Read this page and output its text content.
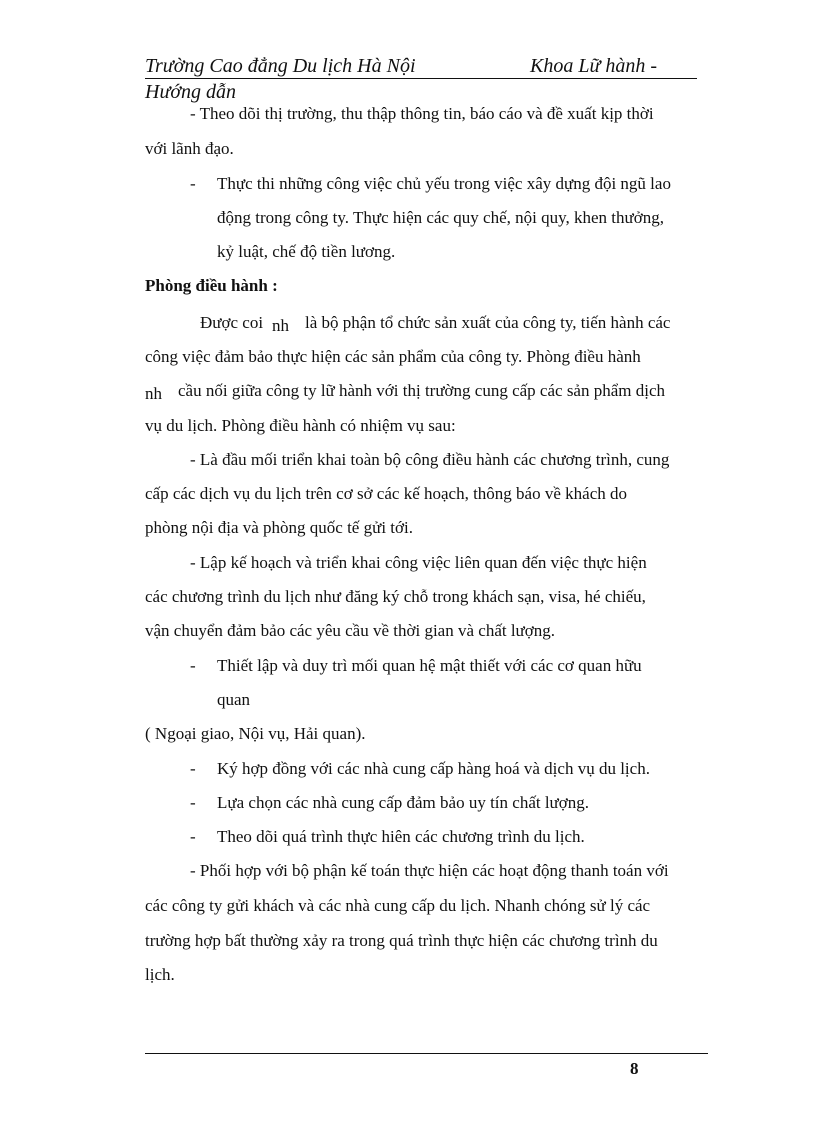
Trường Cao đẳng Du lịch Hà Nội	Khoa Lữ hành -
Hướng dẫn
- Theo dõi thị trường, thu thập thông tin, báo cáo và đề xuất kịp thời
với lãnh đạo.
- Thực thi những công việc chủ yếu trong việc xây dựng đội ngũ lao
động trong công ty. Thực hiện các quy chế, nội quy, khen thưởng,
kỷ luật, chế độ tiền lương.
Phòng điều hành :
Được coi nh là bộ phận tổ chức sản xuất của công ty, tiến hành các
công việc đảm bảo thực hiện các sản phẩm của công ty. Phòng điều hành
nh cầu nối giữa công ty lữ hành với thị trường cung cấp các sản phẩm dịch
vụ du lịch. Phòng điều hành có nhiệm vụ sau:
- Là đầu mối triển khai toàn bộ công điều hành các chương trình, cung
cấp các dịch vụ du lịch trên cơ sở các kế hoạch, thông báo về khách do
phòng nội địa và phòng quốc tế gửi tới.
- Lập kế hoạch và triển khai công việc liên quan đến việc thực hiện
các chương trình du lịch như đăng ký chỗ trong khách sạn, visa, hé chiếu,
vận chuyển đảm bảo các yêu cầu về thời gian và chất lượng.
- Thiết lập và duy trì mối quan hệ mật thiết với các cơ quan hữu
quan
( Ngoại giao, Nội vụ, Hải quan).
- Ký hợp đồng với các nhà cung cấp hàng hoá và dịch vụ du lịch.
- Lựa chọn các nhà cung cấp đảm bảo uy tín chất lượng.
- Theo dõi quá trình thực hiên các chương trình du lịch.
- Phối hợp với bộ phận kế toán thực hiện các hoạt động thanh toán với
các công ty gửi khách và các nhà cung cấp du lịch. Nhanh chóng sử lý các
trường hợp bất thường xảy ra trong quá trình thực hiện các chương trình du
lịch.
8
